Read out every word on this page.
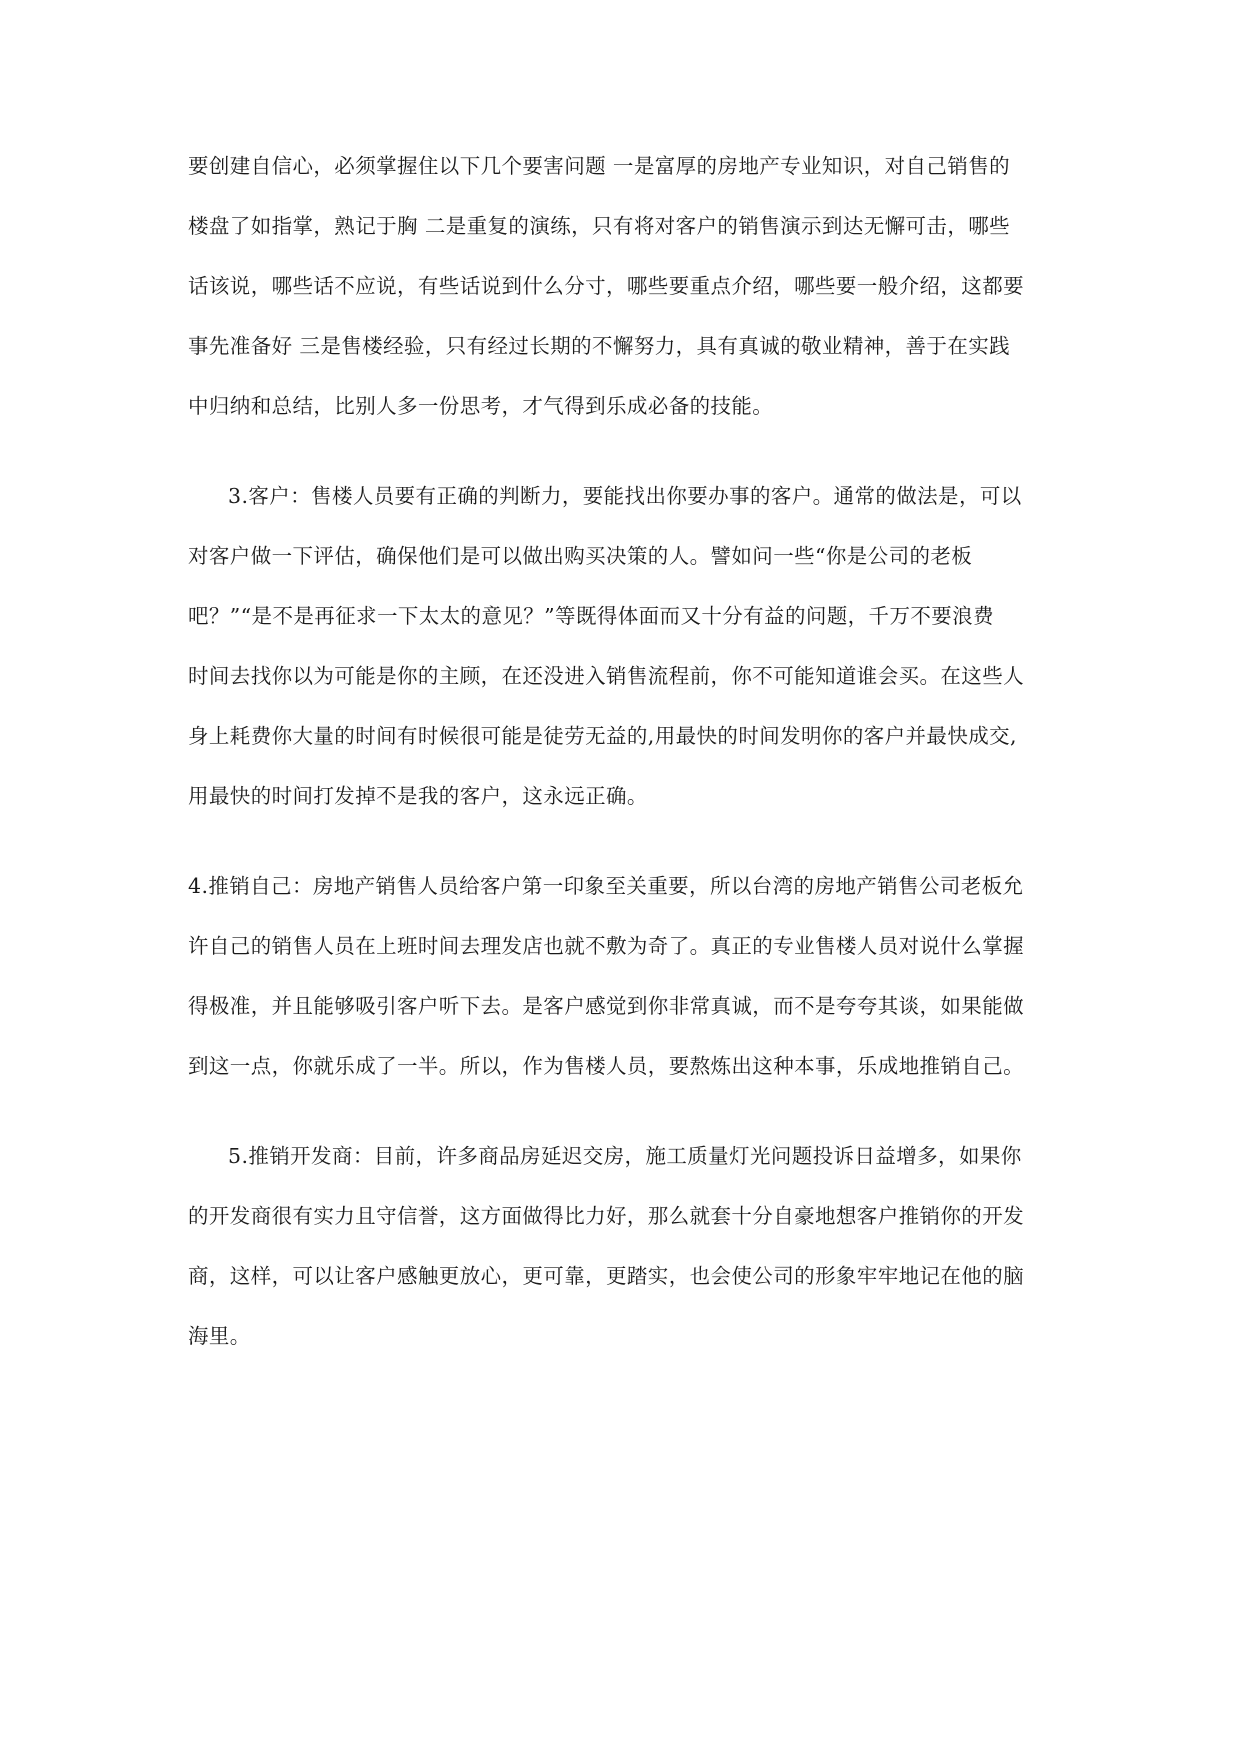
要创建自信心，必须掌握住以下几个要害问题 一是富厚的房地产专业知识，对自己销售的
楼盘了如指掌，熟记于胸 二是重复的演练，只有将对客户的销售演示到达无懈可击，哪些
话该说，哪些话不应说，有些话说到什么分寸，哪些要重点介绍，哪些要一般介绍，这都要
事先准备好 三是售楼经验，只有经过长期的不懈努力，具有真诚的敬业精神，善于在实践
中归纳和总结，比别人多一份思考，才气得到乐成必备的技能。
3.客户：售楼人员要有正确的判断力，要能找出你要办事的客户。通常的做法是，可以
对客户做一下评估，确保他们是可以做出购买决策的人。譬如问一些“你是公司的老板
吧？”“是不是再征求一下太太的意见？”等既得体面而又十分有益的问题，千万不要浪费
时间去找你以为可能是你的主顾，在还没进入销售流程前，你不可能知道谁会买。在这些人
身上耗费你大量的时间有时候很可能是徒劳无益的,用最快的时间发明你的客户并最快成交,
用最快的时间打发掉不是我的客户，这永远正确。
4.推销自己：房地产销售人员给客户第一印象至关重要，所以台湾的房地产销售公司老板允
许自己的销售人员在上班时间去理发店也就不敷为奇了。真正的专业售楼人员对说什么掌握
得极准，并且能够吸引客户听下去。是客户感觉到你非常真诚，而不是夸夸其谈，如果能做
到这一点，你就乐成了一半。所以，作为售楼人员，要熬炼出这种本事，乐成地推销自己。
5.推销开发商：目前，许多商品房延迟交房，施工质量灯光问题投诉日益增多，如果你
的开发商很有实力且守信誉，这方面做得比力好，那么就套十分自豪地想客户推销你的开发
商，这样，可以让客户感触更放心，更可靠，更踏实，也会使公司的形象牢牢地记在他的脑
海里。
